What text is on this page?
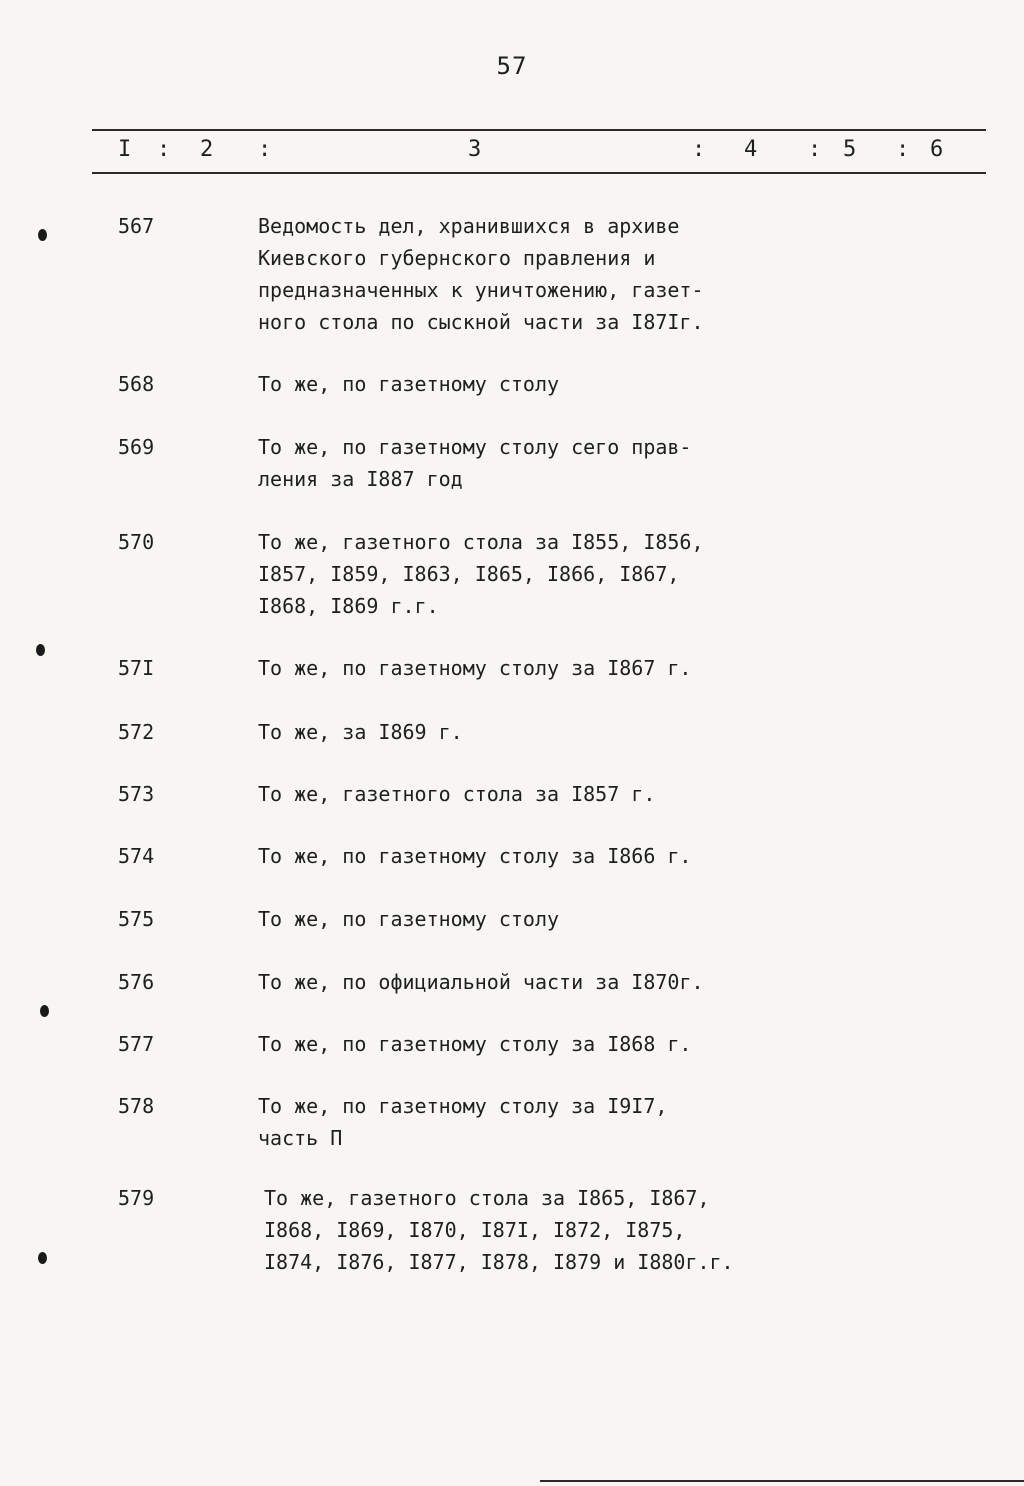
57
I : 2 :	3	: 4 : 5 : 6
567	Ведомость дел, хранившихся в архиве
Киевского губернского правления и
предназначенных к уничтожению, газет-
ного стола по сыскной части за I87Iг.
568	То же, по газетному столу
569	То же, по газетному столу сего прав-
ления за I887 год
570	То же, газетного стола за I855, I856,
I857, I859, I863, I865, I866, I867,
I868, I869 г.г.
57I	То же, по газетному столу за I867 г.
572	То же, за I869 г.
573	То же, газетного стола за I857 г.
574	То же, по газетному столу за I866 г.
575	То же, по газетному столу
576	То же, по официальной части за I870г.
577	То же, по газетному столу за I868 г.
578	То же, по газетному столу за I9I7,
часть П
579	То же, газетного стола за I865, I867,
I868, I869, I870, I87I, I872, I875,
I874, I876, I877, I878, I879 и I880г.г.
